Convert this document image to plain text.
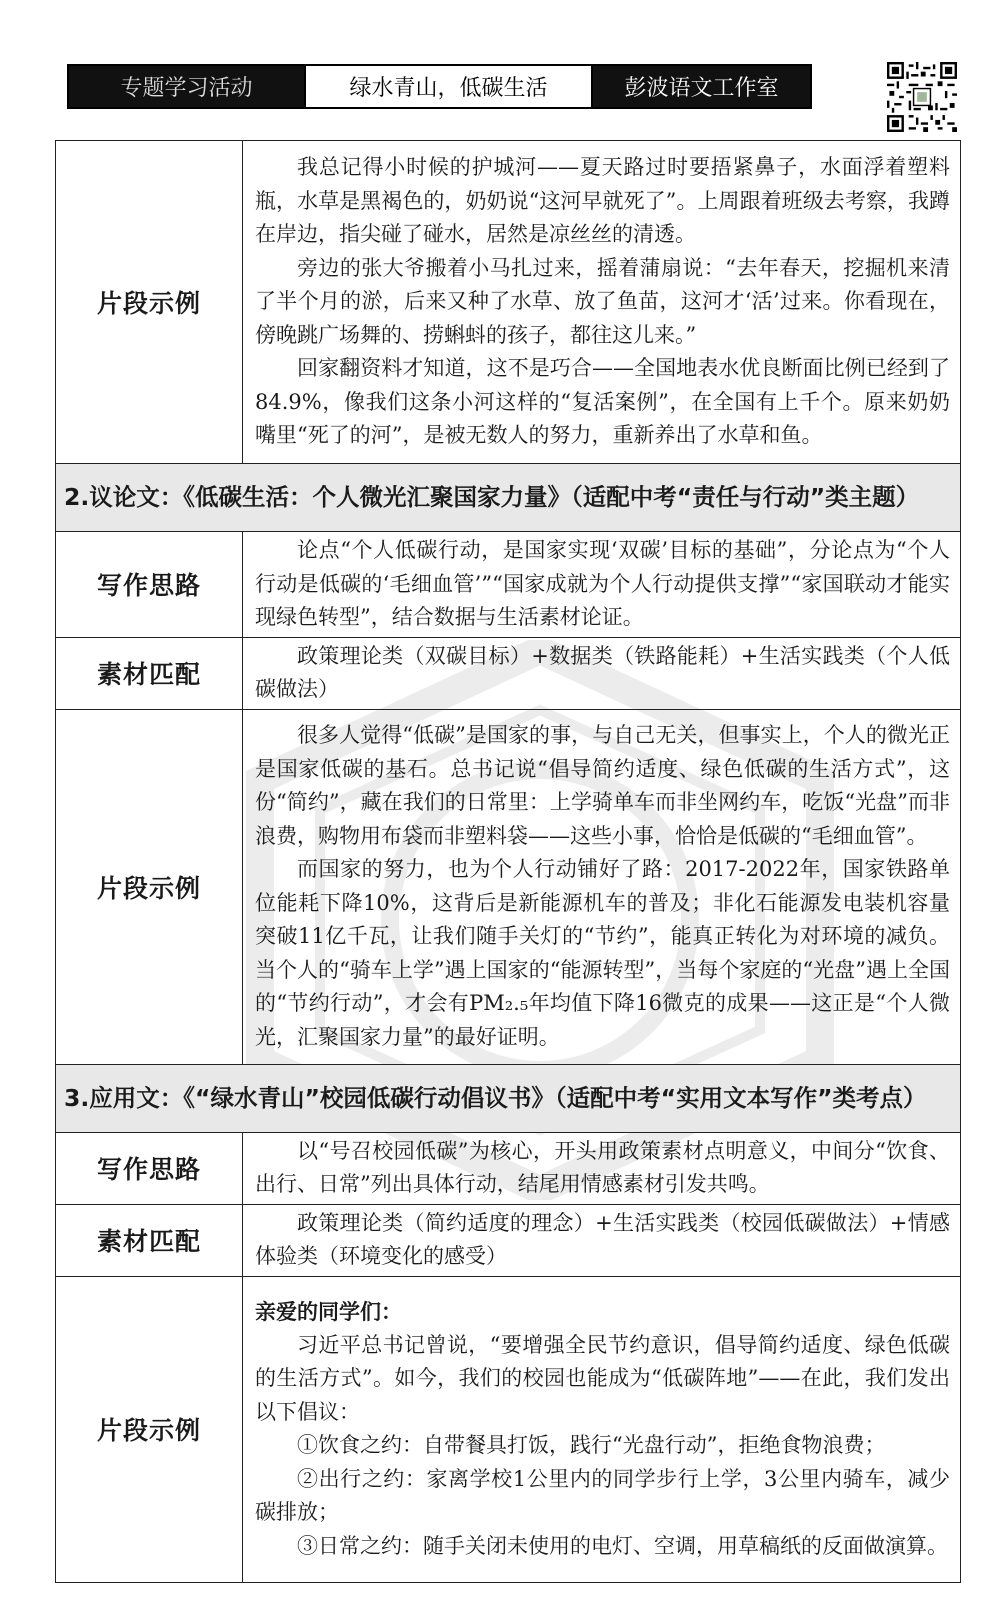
专题学习活动	绿水青山，低碳生活	彭波语文工作室
片段示例	我总记得小时候的护城河——夏天路过时要捂紧鼻子，水面浮着塑料瓶，水草是黑褐色的，奶奶说“这河早就死了”。上周跟着班级去考察，我蹲在岸边，指尖碰了碰水，居然是凉丝丝的清透。

旁边的张大爷搬着小马扎过来，摇着蒲扇说：“去年春天，挖掘机来清了半个月的淤，后来又种了水草、放了鱼苗，这河才‘活’过来。你看现在，傍晚跳广场舞的、捞蝌蚪的孩子，都往这儿来。”

回家翻资料才知道，这不是巧合——全国地表水优良断面比例已经到了84.9%，像我们这条小河这样的“复活案例”，在全国有上千个。原来奶奶嘴里“死了的河”，是被无数人的努力，重新养出了水草和鱼。

2.议论文：《低碳生活：个人微光汇聚国家力量》（适配中考“责任与行动”类主题）	
写作思路	论点“个人低碳行动，是国家实现‘双碳’目标的基础”，分论点为“个人行动是低碳的‘毛细血管’”“国家成就为个人行动提供支撑”“家国联动才能实现绿色转型”，结合数据与生活素材论证。

素材匹配	政策理论类（双碳目标）+数据类（铁路能耗）+生活实践类（个人低碳做法）

片段示例	很多人觉得“低碳”是国家的事，与自己无关，但事实上，个人的微光正是国家低碳的基石。总书记说“倡导简约适度、绿色低碳的生活方式”，这份“简约”，藏在我们的日常里：上学骑单车而非坐网约车，吃饭“光盘”而非浪费，购物用布袋而非塑料袋——这些小事，恰恰是低碳的“毛细血管”。

而国家的努力，也为个人行动铺好了路：2017-2022年，国家铁路单位能耗下降10%，这背后是新能源机车的普及；非化石能源发电装机容量突破11亿千瓦，让我们随手关灯的“节约”，能真正转化为对环境的减负。当个人的“骑车上学”遇上国家的“能源转型”，当每个家庭的“光盘”遇上全国的“节约行动”，才会有PM₂.₅年均值下降16微克的成果——这正是“个人微光，汇聚国家力量”的最好证明。

3.应用文：《“绿水青山”校园低碳行动倡议书》（适配中考“实用文本写作”类考点）	
写作思路	以“号召校园低碳”为核心，开头用政策素材点明意义，中间分“饮食、出行、日常”列出具体行动，结尾用情感素材引发共鸣。

素材匹配	政策理论类（简约适度的理念）+生活实践类（校园低碳做法）+情感体验类（环境变化的感受）

片段示例	亲爱的同学们：

习近平总书记曾说，“要增强全民节约意识，倡导简约适度、绿色低碳的生活方式”。如今，我们的校园也能成为“低碳阵地”——在此，我们发出以下倡议：

①饮食之约：自带餐具打饭，践行“光盘行动”，拒绝食物浪费；

②出行之约：家离学校1公里内的同学步行上学，3公里内骑车，减少碳排放；

③日常之约：随手关闭未使用的电灯、空调，用草稿纸的反面做演算。
